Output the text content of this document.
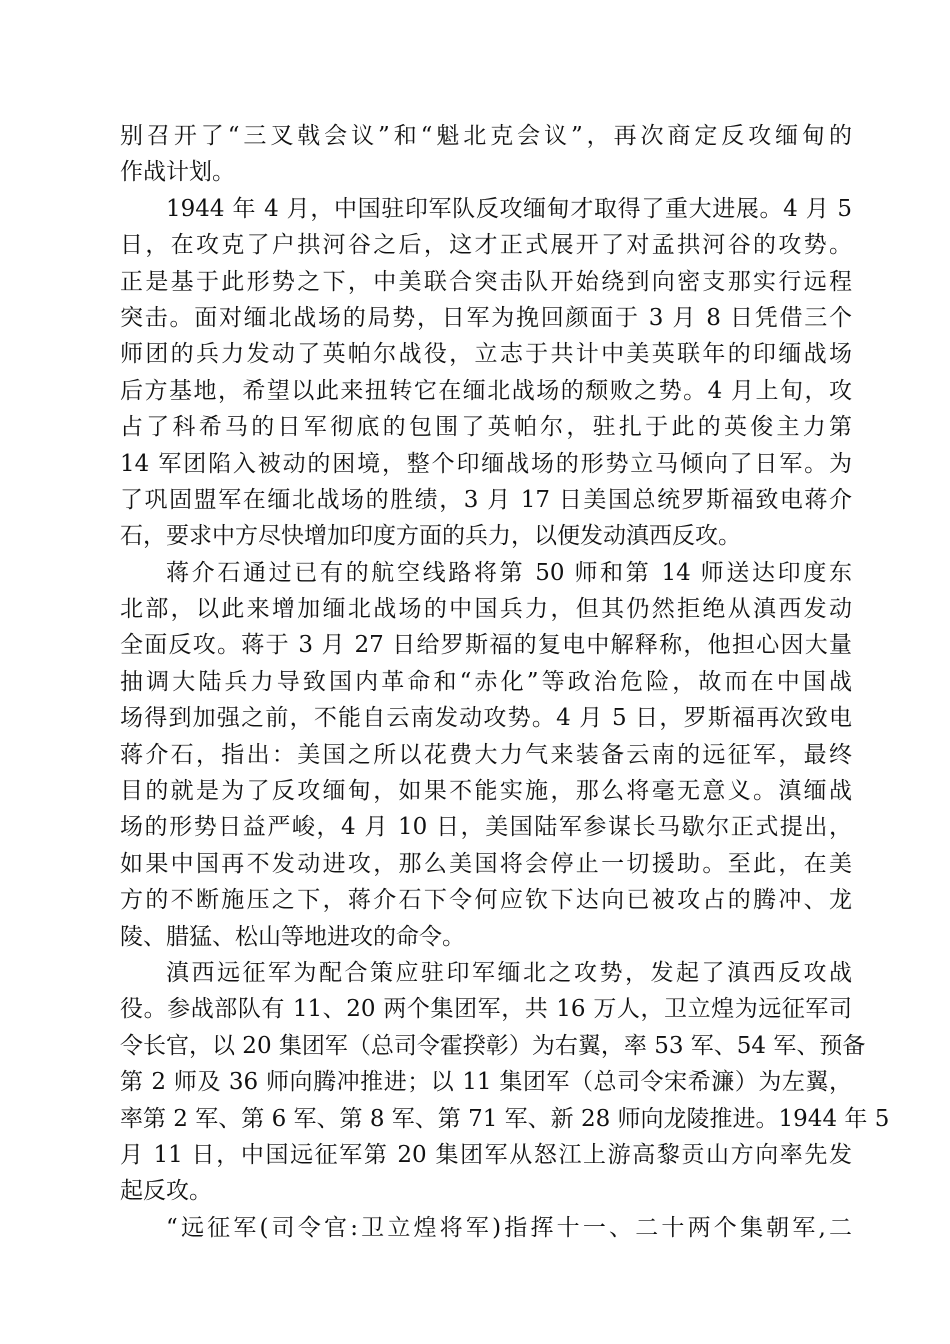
别召开了“三叉戟会议”和“魁北克会议”，再次商定反攻缅甸的
作战计划。
1944 年 4 月，中国驻印军队反攻缅甸才取得了重大进展。4 月 5
日，在攻克了户拱河谷之后，这才正式展开了对孟拱河谷的攻势。
正是基于此形势之下，中美联合突击队开始绕到向密支那实行远程
突击。面对缅北战场的局势，日军为挽回颜面于 3 月 8 日凭借三个
师团的兵力发动了英帕尔战役，立志于共计中美英联年的印缅战场
后方基地，希望以此来扭转它在缅北战场的颓败之势。4 月上旬，攻
占了科希马的日军彻底的包围了英帕尔，驻扎于此的英俊主力第
14 军团陷入被动的困境，整个印缅战场的形势立马倾向了日军。为
了巩固盟军在缅北战场的胜绩，3 月 17 日美国总统罗斯福致电蒋介
石，要求中方尽快增加印度方面的兵力，以便发动滇西反攻。
蒋介石通过已有的航空线路将第 50 师和第 14 师送达印度东
北部，以此来增加缅北战场的中国兵力，但其仍然拒绝从滇西发动
全面反攻。蒋于 3 月 27 日给罗斯福的复电中解释称，他担心因大量
抽调大陆兵力导致国内革命和“赤化”等政治危险，故而在中国战
场得到加强之前，不能自云南发动攻势。4 月 5 日，罗斯福再次致电
蒋介石，指出：美国之所以花费大力气来装备云南的远征军，最终
目的就是为了反攻缅甸，如果不能实施，那么将毫无意义。滇缅战
场的形势日益严峻，4 月 10 日，美国陆军参谋长马歇尔正式提出，
如果中国再不发动进攻，那么美国将会停止一切援助。至此，在美
方的不断施压之下，蒋介石下令何应钦下达向已被攻占的腾冲、龙
陵、腊猛、松山等地进攻的命令。
滇西远征军为配合策应驻印军缅北之攻势，发起了滇西反攻战
役。参战部队有 11、20 两个集团军，共 16 万人，卫立煌为远征军司
令长官，以 20 集团军（总司令霍揆彰）为右翼，率 53 军、54 军、预备
第 2 师及 36 师向腾冲推进；以 11 集团军（总司令宋希濂）为左翼，
率第 2 军、第 6 军、第 8 军、第 71 军、新 28 师向龙陵推进。1944 年 5
月 11 日，中国远征军第 20 集团军从怒江上游高黎贡山方向率先发
起反攻。
“远征军(司令官:卫立煌将军)指挥十一、二十两个集朝军,二
